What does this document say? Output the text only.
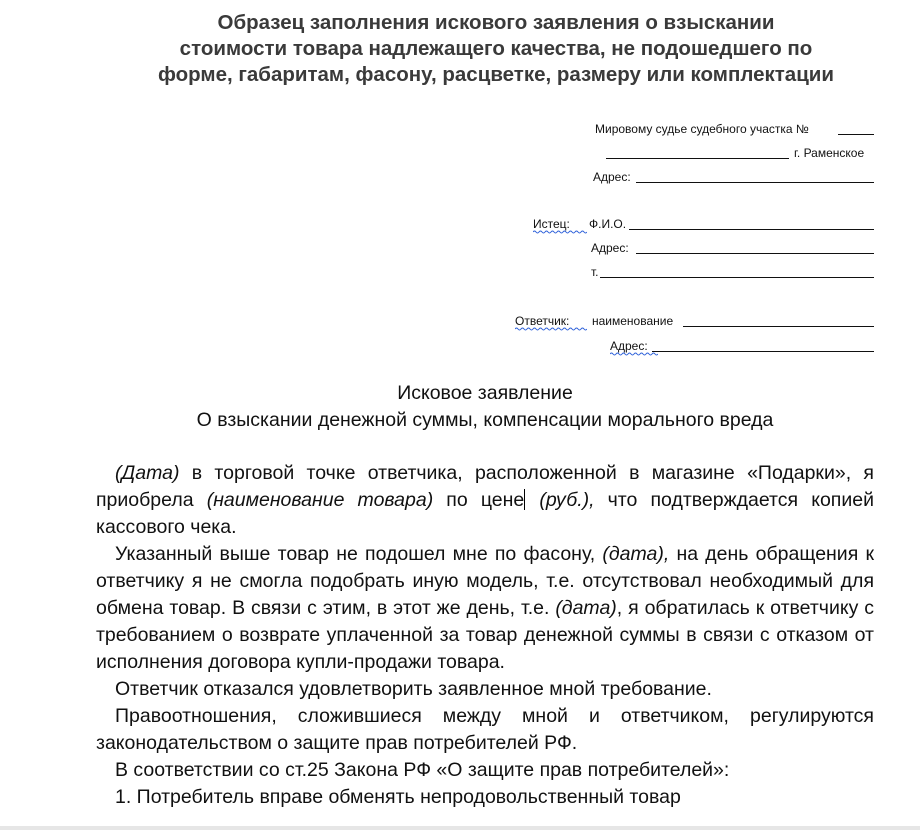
Образец заполнения искового заявления о взыскании
стоимости товара надлежащего качества, не подошедшего по
форме, габаритам, фасону, расцветке, размеру или комплектации
Мировому судье судебного участка №
г. Раменское
Адрес:
Истец: Ф.И.О.
Адрес:
т.
Ответчик: наименование
Адрес:
Исковое заявление
О взыскании денежной суммы, компенсации морального вреда

(Дата) в торговой точке ответчика, расположенной в магазине «Подарки», я приобрела (наименование товара) по цене (руб.), что подтверждается копией кассового чека.

Указанный выше товар не подошел мне по фасону, (дата), на день обращения к ответчику я не смогла подобрать иную модель, т.е. отсутствовал необходимый для обмена товар. В связи с этим, в этот же день, т.е. (дата), я обратилась к ответчику с требованием о возврате уплаченной за товар денежной суммы в связи с отказом от исполнения договора купли-продажи товара.

Ответчик отказался удовлетворить заявленное мной требование.

Правоотношения, сложившиеся между мной и ответчиком, регулируются законодательством о защите прав потребителей РФ.

В соответствии со ст.25 Закона РФ «О защите прав потребителей»:

1. Потребитель вправе обменять непродовольственный товар
